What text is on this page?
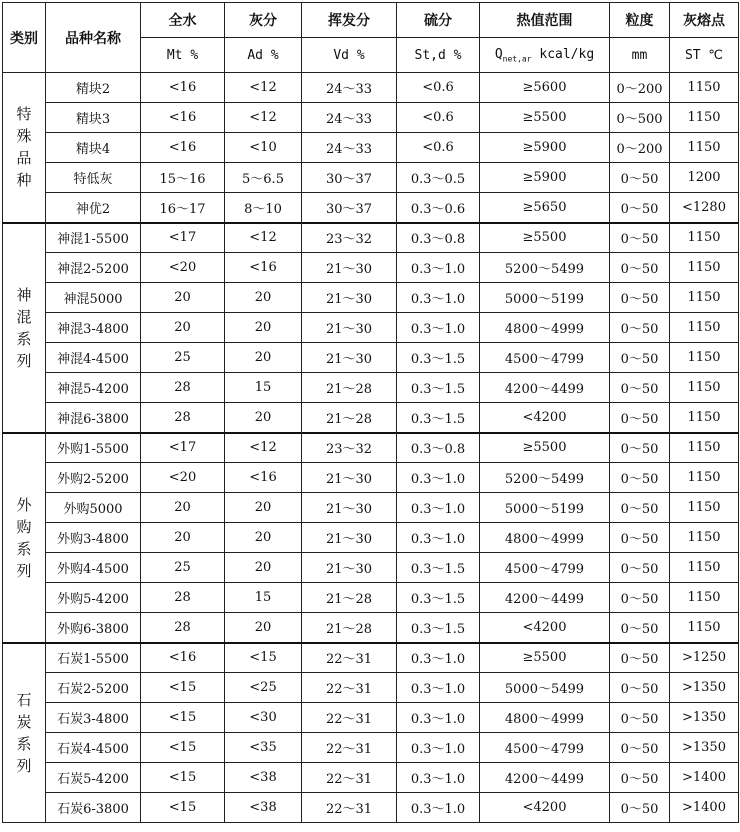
类别	品种名称	全水	灰分	挥发分	硫分	热值范围	粒度	灰熔点
		Mt %	Ad %	Vd %	St,d %	$Q_{net,ar}$ kcal/kg	mm	ST ℃

特
殊
品
种	精块2	<16	<12	24～33	<0.6	≥5600	0～200	1150
	精块3	<16	<12	24～33	<0.6	≥5500	0～500	1150
	精块4	<16	<10	24～33	<0.6	≥5900	0～200	1150
	特低灰	15～16	5～6.5	30～37	0.3～0.5	≥5900	0～50	1200
	神优2	16～17	8～10	30～37	0.3～0.6	≥5650	0～50	<1280

神
混
系
列	神混1-5500	<17	<12	23～32	0.3～0.8	≥5500	0～50	1150
	神混2-5200	<20	<16	21～30	0.3～1.0	5200～5499	0～50	1150
	神混5000	20	20	21～30	0.3～1.0	5000～5199	0～50	1150
	神混3-4800	20	20	21～30	0.3～1.0	4800～4999	0～50	1150
	神混4-4500	25	20	21～30	0.3～1.5	4500～4799	0～50	1150
	神混5-4200	28	15	21～28	0.3～1.5	4200～4499	0～50	1150
	神混6-3800	28	20	21～28	0.3～1.5	<4200	0～50	1150

外
购
系
列	外购1-5500	<17	<12	23～32	0.3～0.8	≥5500	0～50	1150
	外购2-5200	<20	<16	21～30	0.3～1.0	5200～5499	0～50	1150
	外购5000	20	20	21～30	0.3～1.0	5000～5199	0～50	1150
	外购3-4800	20	20	21～30	0.3～1.0	4800～4999	0～50	1150
	外购4-4500	25	20	21～30	0.3～1.5	4500～4799	0～50	1150
	外购5-4200	28	15	21～28	0.3～1.5	4200～4499	0～50	1150
	外购6-3800	28	20	21～28	0.3～1.5	<4200	0～50	1150

石
炭
系
列	石炭1-5500	<16	<15	22～31	0.3～1.0	≥5500	0～50	>1250
	石炭2-5200	<15	<25	22～31	0.3～1.0	5000～5499	0～50	>1350
	石炭3-4800	<15	<30	22～31	0.3～1.0	4800～4999	0～50	>1350
	石炭4-4500	<15	<35	22～31	0.3～1.0	4500～4799	0～50	>1350
	石炭5-4200	<15	<38	22～31	0.3～1.0	4200～4499	0～50	>1400
	石炭6-3800	<15	<38	22～31	0.3～1.0	<4200	0～50	>1400
